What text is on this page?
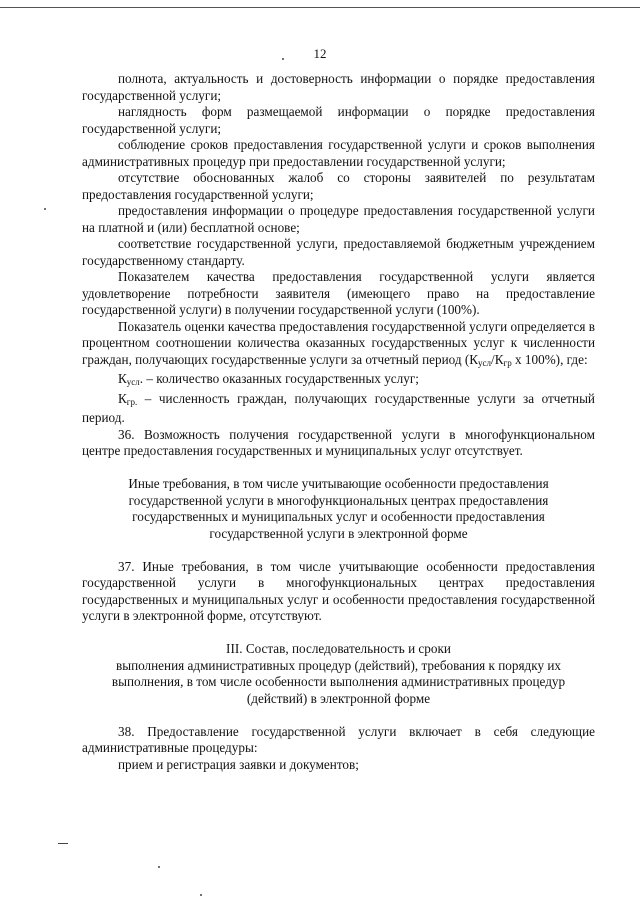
12

полнота, актуальность и достоверность информации о порядке предоставления государственной услуги;

наглядность форм размещаемой информации о порядке предоставления государственной услуги;

соблюдение сроков предоставления государственной услуги и сроков выполнения административных процедур при предоставлении государственной услуги;

отсутствие обоснованных жалоб со стороны заявителей по результатам предоставления государственной услуги;

предоставления информации о процедуре предоставления государственной услуги на платной и (или) бесплатной основе;

соответствие государственной услуги, предоставляемой бюджетным учреждением государственному стандарту.

Показателем качества предоставления государственной услуги является удовлетворение потребности заявителя (имеющего право на предоставление государственной услуги) в получении государственной услуги (100%).

Показатель оценки качества предоставления государственной услуги определяется в процентном соотношении количества оказанных государственных услуг к численности граждан, получающих государственные услуги за отчетный период ($К_{усл}/К_{гр}$ х 100%), где:

$К_{усл}$. – количество оказанных государственных услуг;

$К_{гр.}$ – численность граждан, получающих государственные услуги за отчетный период.

36. Возможность получения государственной услуги в многофункциональном центре предоставления государственных и муниципальных услуг отсутствует.

Иные требования, в том числе учитывающие особенности предоставления государственной услуги в многофункциональных центрах предоставления государственных и муниципальных услуг и особенности предоставления государственной услуги в электронной форме

37. Иные требования, в том числе учитывающие особенности предоставления государственной услуги в многофункциональных центрах предоставления государственных и муниципальных услуг и особенности предоставления государственной услуги в электронной форме, отсутствуют.

III. Состав, последовательность и сроки

выполнения административных процедур (действий), требования к порядку их выполнения, в том числе особенности выполнения административных процедур (действий) в электронной форме

38. Предоставление государственной услуги включает в себя следующие административные процедуры:

прием и регистрация заявки и документов;
